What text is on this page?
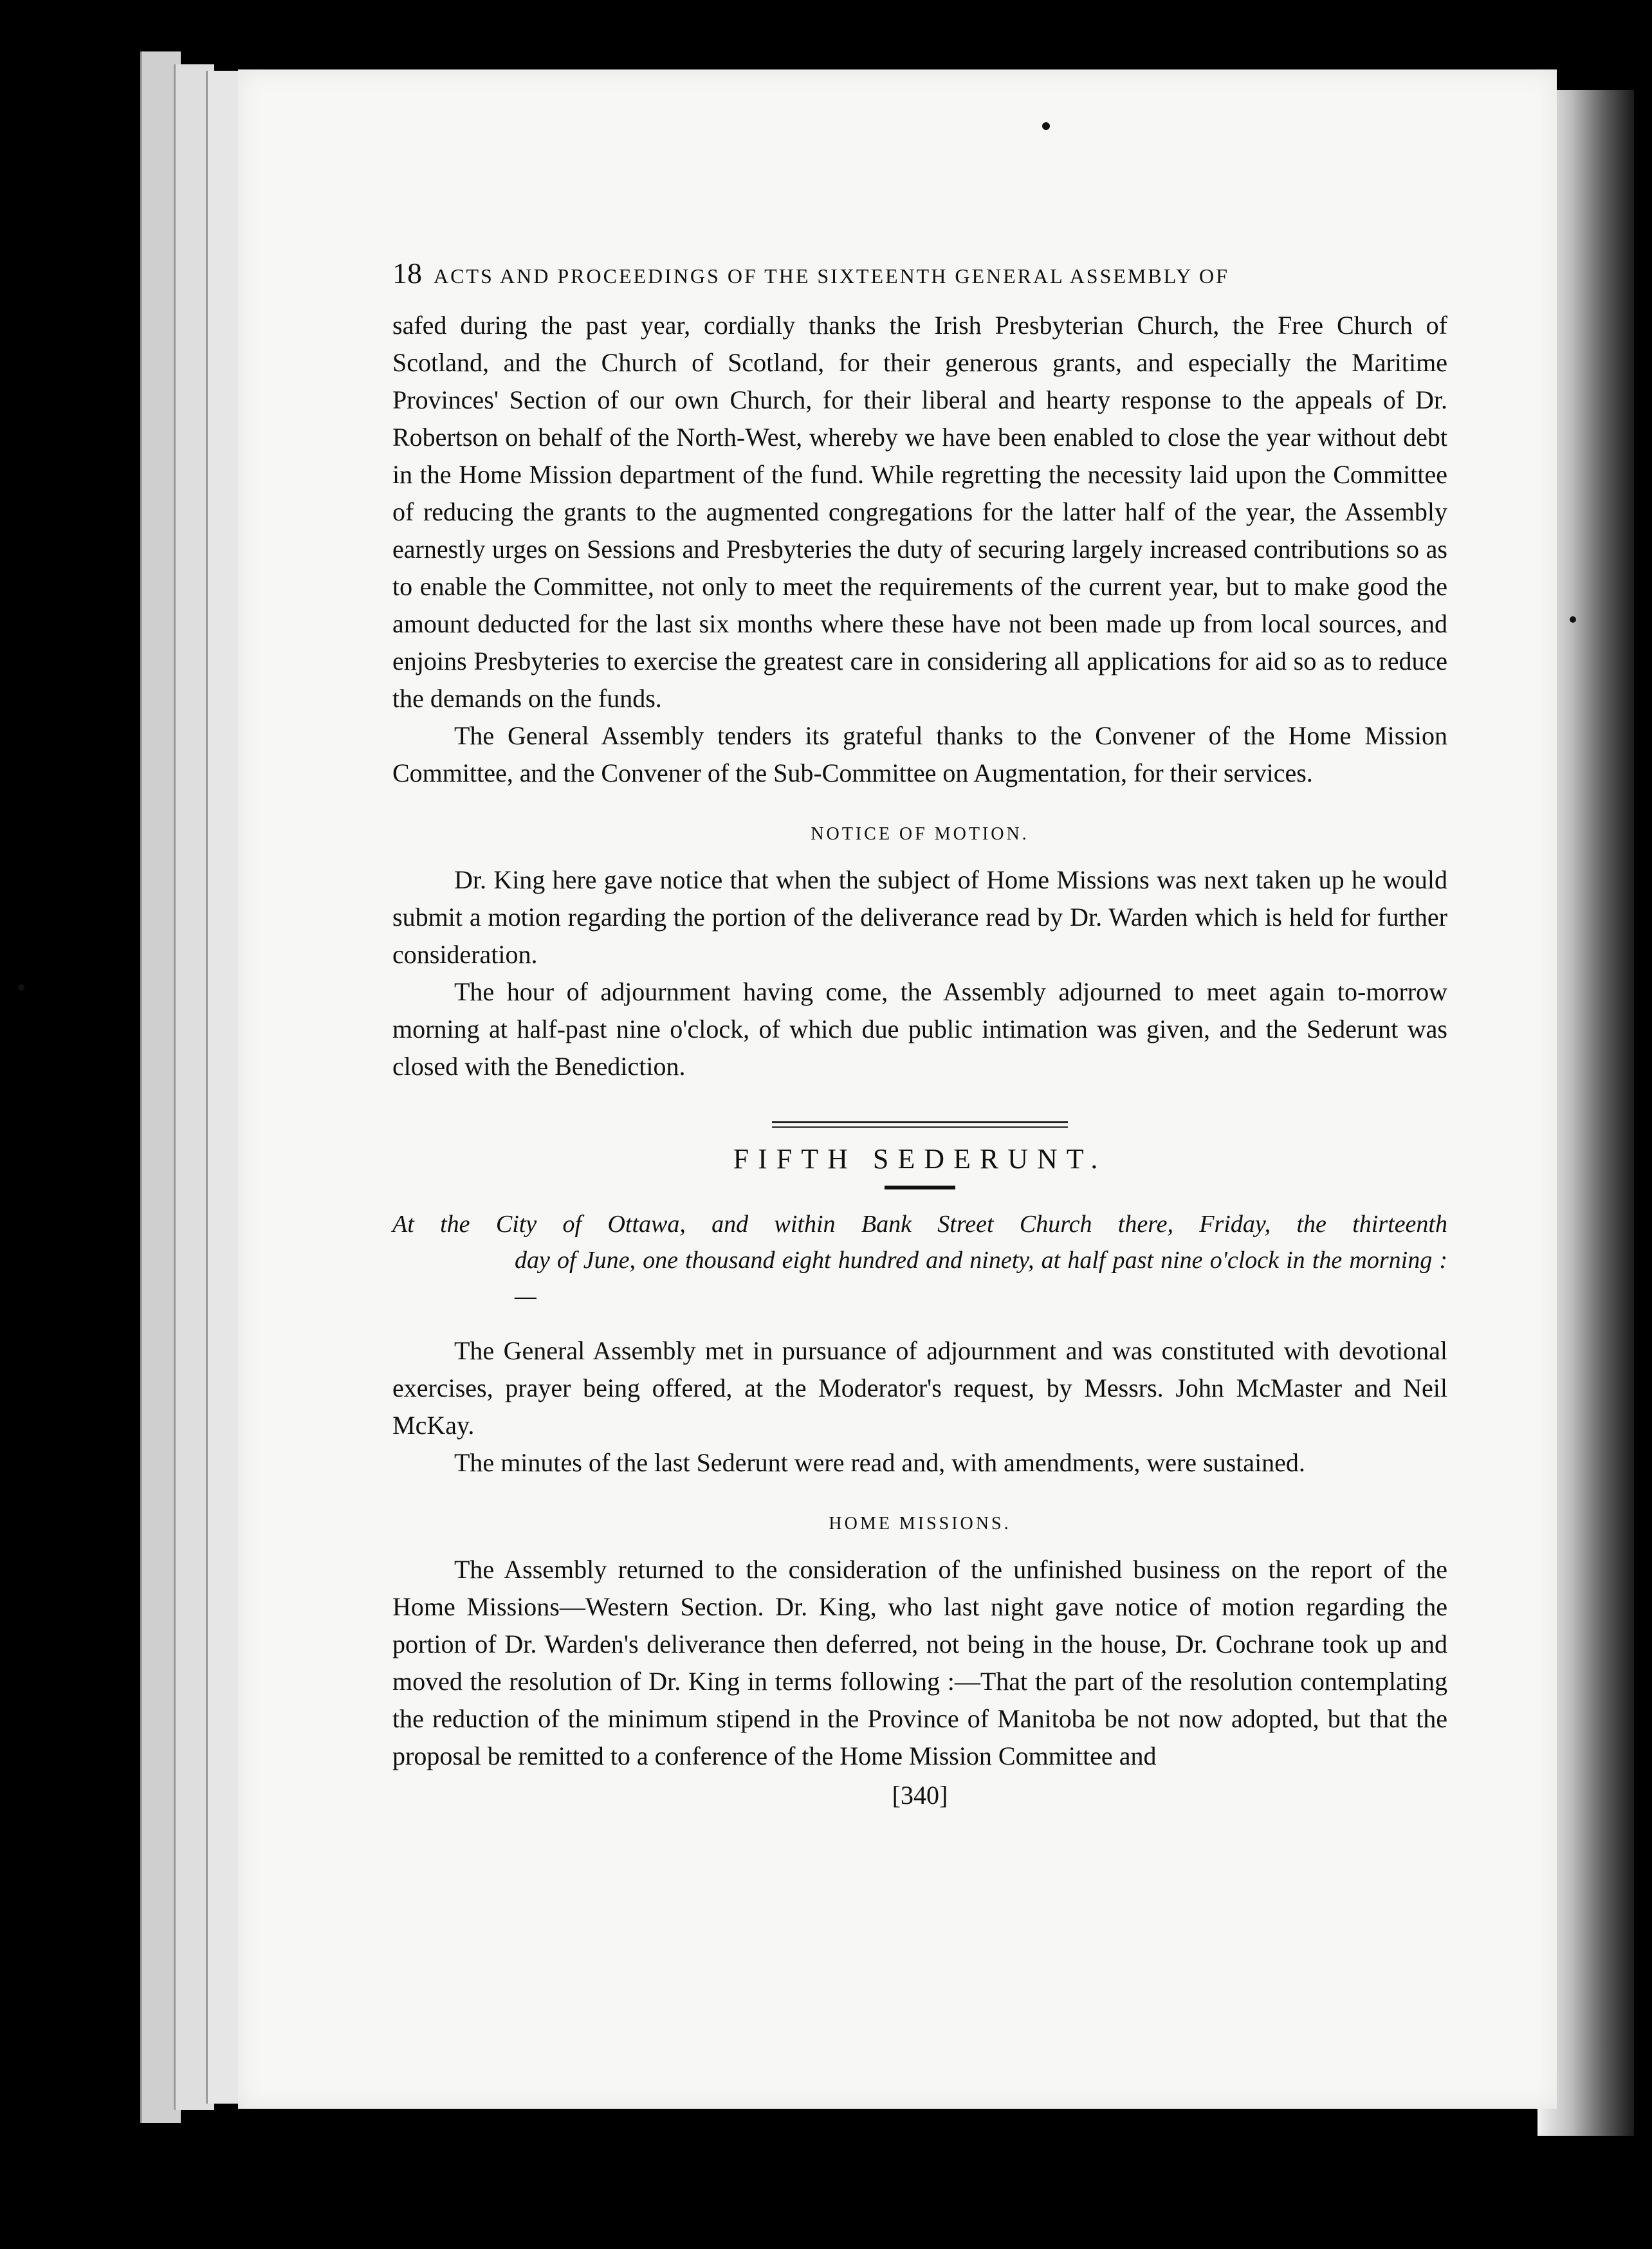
18 ACTS AND PROCEEDINGS OF THE SIXTEENTH GENERAL ASSEMBLY OF

safed during the past year, cordially thanks the Irish Presbyterian Church, the Free Church of Scotland, and the Church of Scotland, for their generous grants, and especially the Maritime Provinces' Section of our own Church, for their liberal and hearty response to the appeals of Dr. Robertson on behalf of the North-West, whereby we have been enabled to close the year without debt in the Home Mission department of the fund. While regretting the necessity laid upon the Committee of reducing the grants to the augmented congregations for the latter half of the year, the Assembly earnestly urges on Sessions and Presbyteries the duty of securing largely increased contributions so as to enable the Committee, not only to meet the requirements of the current year, but to make good the amount deducted for the last six months where these have not been made up from local sources, and enjoins Presbyteries to exercise the greatest care in considering all applications for aid so as to reduce the demands on the funds.

The General Assembly tenders its grateful thanks to the Convener of the Home Mission Committee, and the Convener of the Sub-Committee on Augmentation, for their services.

NOTICE OF MOTION.

Dr. King here gave notice that when the subject of Home Missions was next taken up he would submit a motion regarding the portion of the deliverance read by Dr. Warden which is held for further consideration.

The hour of adjournment having come, the Assembly adjourned to meet again to-morrow morning at half-past nine o'clock, of which due public intimation was given, and the Sederunt was closed with the Benediction.

FIFTH SEDERUNT.
At the City of Ottawa, and within Bank Street Church there, Friday, the thirteenth
day of June, one thousand eight hundred and ninety, at half past nine o'clock in the morning :—

The General Assembly met in pursuance of adjournment and was constituted with devotional exercises, prayer being offered, at the Moderator's request, by Messrs. John McMaster and Neil McKay.

The minutes of the last Sederunt were read and, with amendments, were sustained.

HOME MISSIONS.

The Assembly returned to the consideration of the unfinished business on the report of the Home Missions—Western Section. Dr. King, who last night gave notice of motion regarding the portion of Dr. Warden's deliverance then deferred, not being in the house, Dr. Cochrane took up and moved the resolution of Dr. King in terms following :—That the part of the resolution contemplating the reduction of the minimum stipend in the Province of Manitoba be not now adopted, but that the proposal be remitted to a conference of the Home Mission Committee and

[340]
